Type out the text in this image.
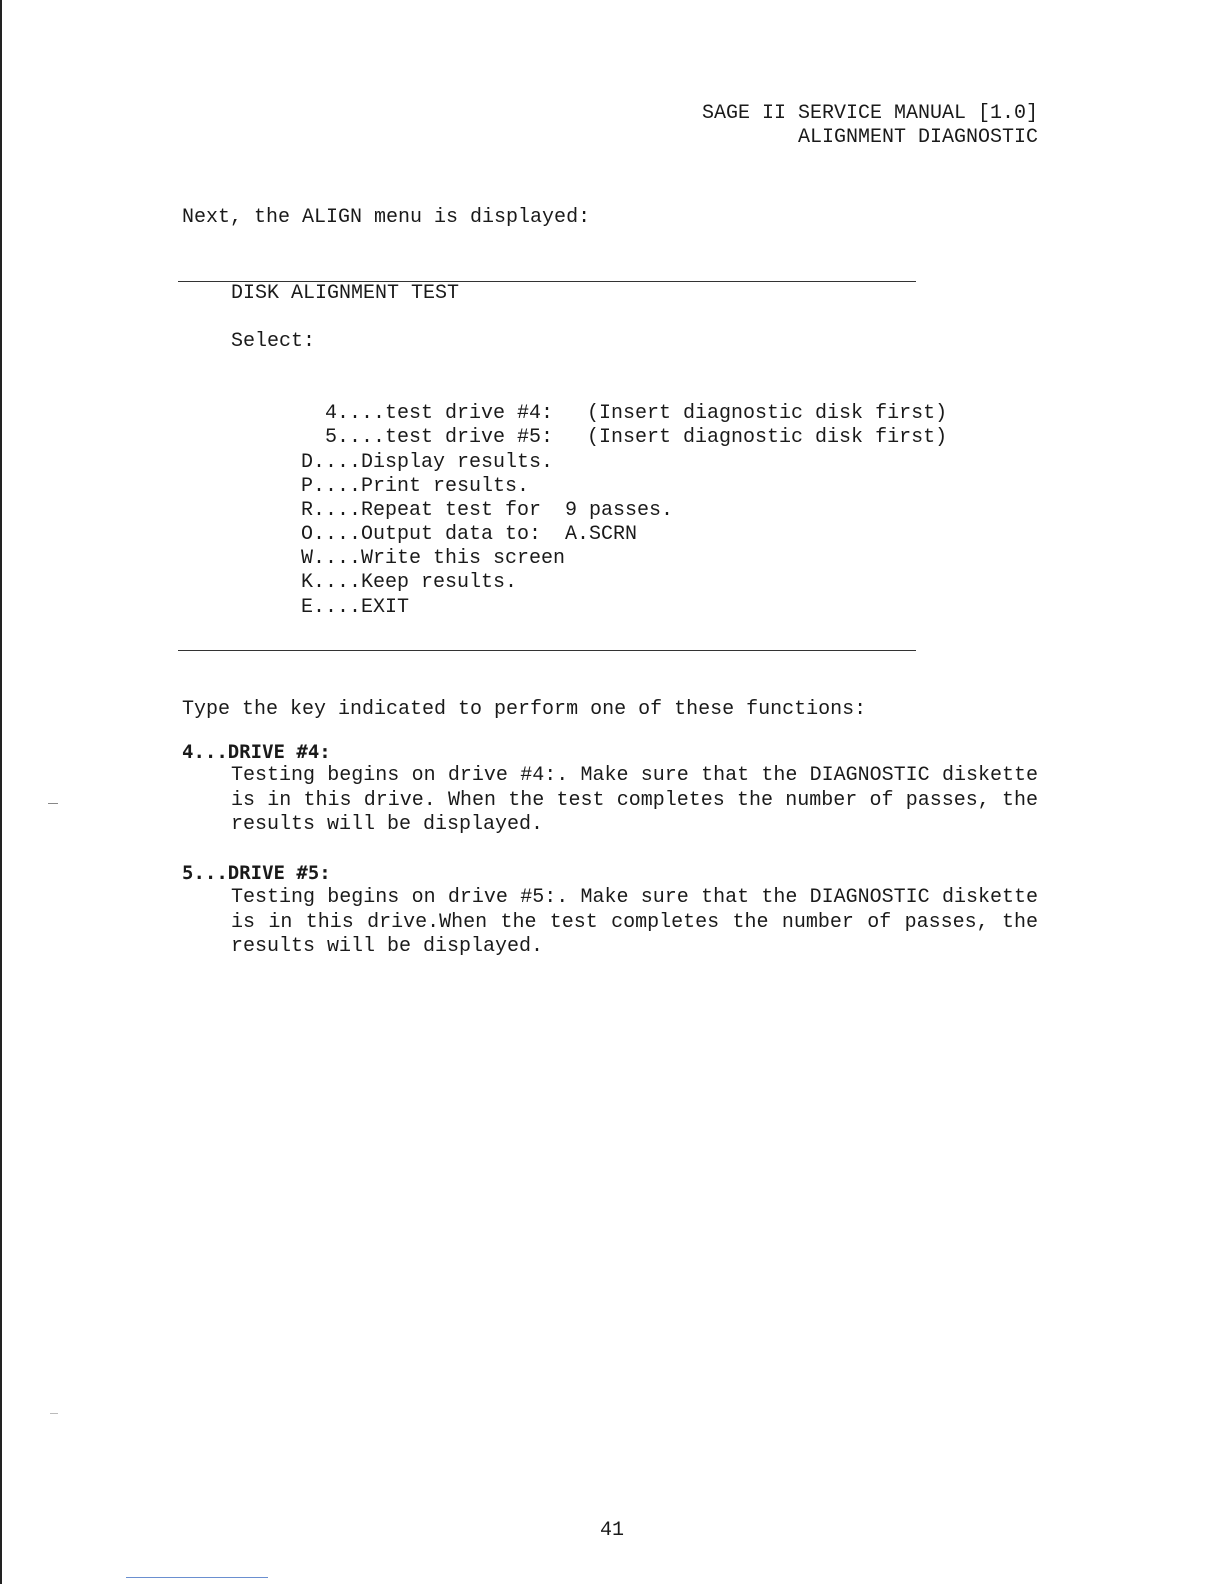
SAGE II SERVICE MANUAL [1.0]
ALIGNMENT DIAGNOSTIC
Next, the ALIGN menu is displayed:
DISK ALIGNMENT TEST
Select:

4....test drive #4: (Insert diagnostic disk first)

5....test drive #5: (Insert diagnostic disk first)

D....Display results.
P....Print results.
R....Repeat test for  9 passes.
O....Output data to:  A.SCRN
W....Write this screen
K....Keep results.
E....EXIT
Type the key indicated to perform one of these functions:
4...DRIVE #4:
Testing begins on drive #4:. Make sure that the DIAGNOSTIC diskette is in this drive. When the test completes the number of passes, the results will be displayed.
5...DRIVE #5:
Testing begins on drive #5:. Make sure that the DIAGNOSTIC diskette is in this drive.When the test completes the number of passes, the results will be displayed.
41
